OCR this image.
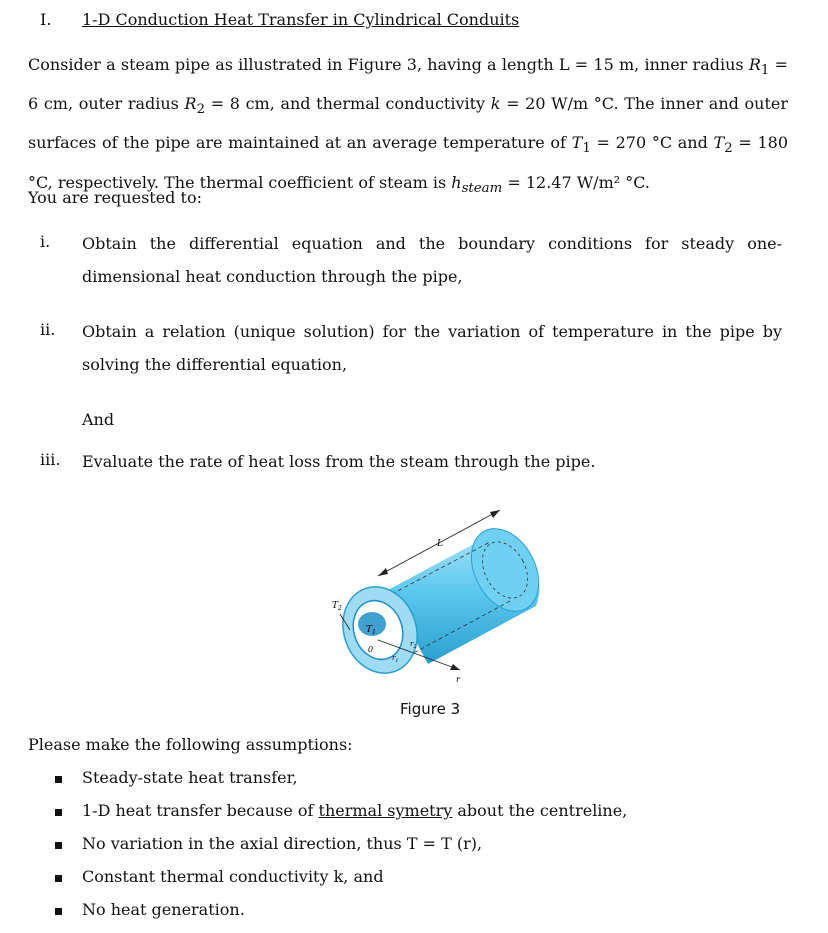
I. 1-D Conduction Heat Transfer in Cylindrical Conduits
Consider a steam pipe as illustrated in Figure 3, having a length L = 15 m, inner radius $R_1 = 6$ cm, outer radius $R_2 = 8$ cm, and thermal conductivity k = 20 W/m °C. The inner and outer surfaces of the pipe are maintained at an average temperature of $T_1 = 270$ °C and $T_2 = 180$ °C, respectively. The thermal coefficient of steam is $h_{steam} = 12.47$ W/m² °C.
You are requested to:
i. Obtain the differential equation and the boundary conditions for steady one-dimensional heat conduction through the pipe,
ii. Obtain a relation (unique solution) for the variation of temperature in the pipe by solving the differential equation,
And
iii. Evaluate the rate of heat loss from the steam through the pipe.
L
r
0
$r_1$
$r_2$
$T_1$
$T_2$
Figure 3
Please make the following assumptions:
Steady-state heat transfer,
1-D heat transfer because of thermal symetry about the centreline,
No variation in the axial direction, thus T = T (r),
Constant thermal conductivity k, and
No heat generation.
